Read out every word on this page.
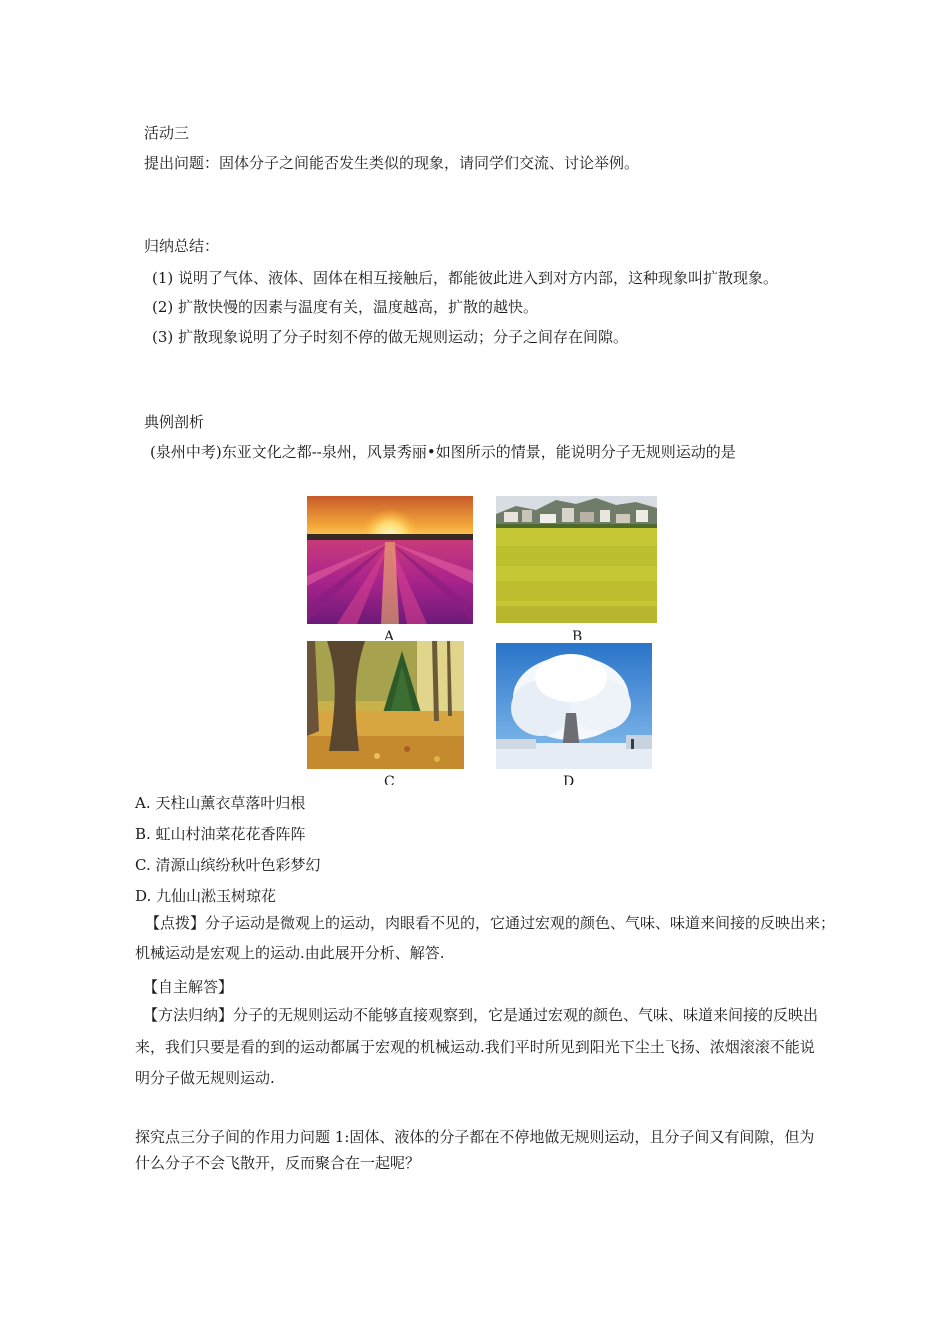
活动三
提出问题：固体分子之间能否发生类似的现象，请同学们交流、讨论举例。
归纳总结：
(1) 说明了气体、液体、固体在相互接触后，都能彼此进入到对方内部，这种现象叫扩散现象。
(2) 扩散快慢的因素与温度有关，温度越高，扩散的越快。
(3) 扩散现象说明了分子时刻不停的做无规则运动；分子之间存在间隙。
典例剖析
(泉州中考)东亚文化之都--泉州，风景秀丽•如图所示的情景，能说明分子无规则运动的是
A	B
C	D
A. 天柱山薰衣草落叶归根
B. 虹山村油菜花花香阵阵
C. 清源山缤纷秋叶色彩梦幻
D. 九仙山淞玉树琼花
【点拨】分子运动是微观上的运动，肉眼看不见的，它通过宏观的颜色、气味、味道来间接的反映出来；
机械运动是宏观上的运动.由此展开分析、解答.
【自主解答】
【方法归纳】分子的无规则运动不能够直接观察到，它是通过宏观的颜色、气味、味道来间接的反映出
来，我们只要是看的到的运动都属于宏观的机械运动.我们平时所见到阳光下尘土飞扬、浓烟滚滚不能说
明分子做无规则运动.
探究点三分子间的作用力问题 1:固体、液体的分子都在不停地做无规则运动，且分子间又有间隙，但为
什么分子不会飞散开，反而聚合在一起呢？
